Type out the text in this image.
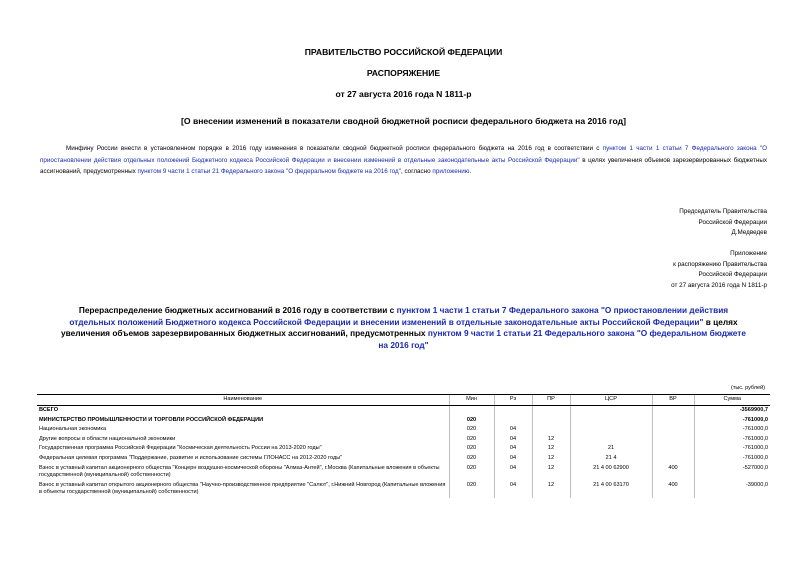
ПРАВИТЕЛЬСТВО РОССИЙСКОЙ ФЕДЕРАЦИИ
РАСПОРЯЖЕНИЕ
от 27 августа 2016 года N 1811-р
[О внесении изменений в показатели сводной бюджетной росписи федерального бюджета на 2016 год]
Минфину России внести в установленном порядке в 2016 году изменения в показатели сводной бюджетной росписи федерального бюджета на 2016 год в соответствии с пунктом 1 части 1 статьи 7 Федерального закона "О приостановлении действия отдельных положений Бюджетного кодекса Российской Федерации и внесении изменений в отдельные законодательные акты Российской Федерации" в целях увеличения объемов зарезервированных бюджетных ассигнований, предусмотренных пунктом 9 части 1 статьи 21 Федерального закона "О федеральном бюджете на 2016 год", согласно приложению.
Председатель Правительства
Российской Федерации
Д.Медведев
Приложение
к распоряжению Правительства
Российской Федерации
от 27 августа 2016 года N 1811-р
Перераспределение бюджетных ассигнований в 2016 году в соответствии с пунктом 1 части 1 статьи 7 Федерального закона "О приостановлении действия отдельных положений Бюджетного кодекса Российской Федерации и внесении изменений в отдельные законодательные акты Российской Федерации" в целях увеличения объемов зарезервированных бюджетных ассигнований, предусмотренных пунктом 9 части 1 статьи 21 Федерального закона "О федеральном бюджете на 2016 год"
(тыс. рублей)
Наименование	Мин	Рз	ПР	ЦСР	ВР	Сумма
ВСЕГО						-3569900,7
МИНИСТЕРСТВО ПРОМЫШЛЕННОСТИ И ТОРГОВЛИ РОССИЙСКОЙ ФЕДЕРАЦИИ	020					-761000,0
Национальная экономика	020	04				-761000,0
Другие вопросы в области национальной экономики	020	04	12			-761000,0
Государственная программа Российской Федерации "Космическая деятельность России на 2013-2020 годы"	020	04	12	21		-761000,0
Федеральная целевая программа "Поддержание, развитие и использование системы ГЛОНАСС на 2012-2020 годы"	020	04	12	21 4		-761000,0
Взнос в уставный капитал акционерного общества "Концерн воздушно-космической обороны "Алмаз-Антей", г.Москва (Капитальные вложения в объекты государственной (муниципальной) собственности)	020	04	12	21 4 00 62900	400	-527000,0
Взнос в уставный капитал открытого акционерного общества "Научно-производственное предприятие "Салют", г.Нижний Новгород (Капитальные вложения в объекты государственной (муниципальной) собственности)	020	04	12	21 4 00 63170	400	-39000,0
